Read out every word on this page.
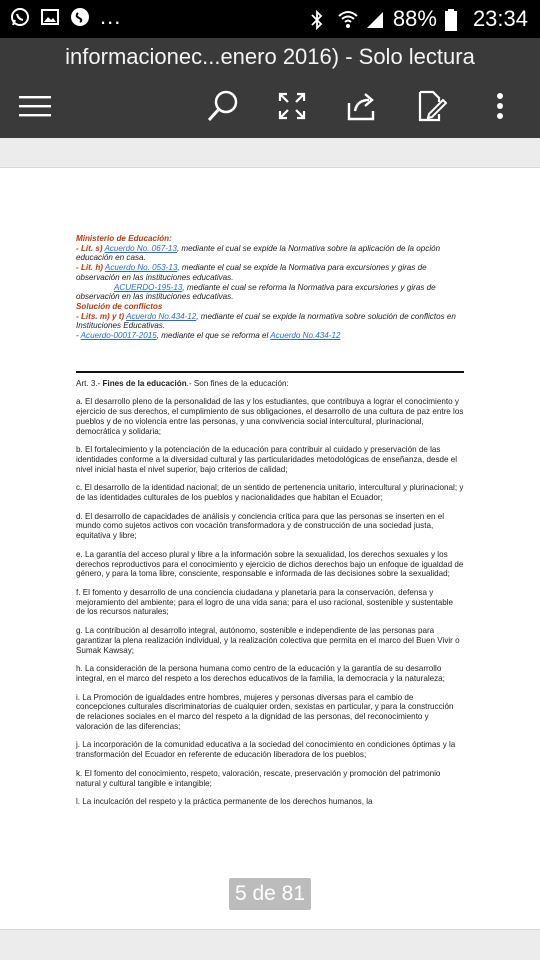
...	88% 23:34
informacionec...enero 2016) - Solo lectura
Ministerio de Educación:
- Lit. s) Acuerdo No. 067-13, mediante el cual se expide la Normativa sobre la aplicación de la opción educación en casa.
- Lit. h) Acuerdo No. 053-13, mediante el cual se expide la Normativa para excursiones y giras de observación en las instituciones educativas.
ACUERDO-195-13, mediante el cual se reforma la Normativa para excursiones y giras de observación en las instituciones educativas.
Solución de conflictos
- Lits. m) y t) Acuerdo No.434-12, mediante el cual se expide la normativa sobre solución de conflictos en Instituciones Educativas.
- Acuerdo-00017-2015, mediante el que se reforma el Acuerdo No.434-12
Art. 3.- Fines de la educación.- Son fines de la educación:

a. El desarrollo pleno de la personalidad de las y los estudiantes, que contribuya a lograr el conocimiento y ejercicio de sus derechos, el cumplimiento de sus obligaciones, el desarrollo de una cultura de paz entre los pueblos y de no violencia entre las personas, y una convivencia social intercultural, plurinacional, democrática y solidaria;

b. El fortalecimiento y la potenciación de la educación para contribuir al cuidado y preservación de las identidades conforme a la diversidad cultural y las particularidades metodológicas de enseñanza, desde el nivel inicial hasta el nivel superior, bajo criterios de calidad;

c. El desarrollo de la identidad nacional; de un sentido de pertenencia unitario, intercultural y plurinacional; y de las identidades culturales de los pueblos y nacionalidades que habitan el Ecuador;

d. El desarrollo de capacidades de análisis y conciencia crítica para que las personas se inserten en el mundo como sujetos activos con vocación transformadora y de construcción de una sociedad justa, equitativa y libre;

e. La garantía del acceso plural y libre a la información sobre la sexualidad, los derechos sexuales y los derechos reproductivos para el conocimiento y ejercicio de dichos derechos bajo un enfoque de igualdad de género, y para la toma libre, consciente, responsable e informada de las decisiones sobre la sexualidad;

f. El fomento y desarrollo de una conciencia ciudadana y planetaria para la conservación, defensa y mejoramiento del ambiente; para el logro de una vida sana; para el uso racional, sostenible y sustentable de los recursos naturales;

g. La contribución al desarrollo integral, autónomo, sostenible e independiente de las personas para garantizar la plena realización individual, y la realización colectiva que permita en el marco del Buen Vivir o Sumak Kawsay;

h. La consideración de la persona humana como centro de la educación y la garantía de su desarrollo integral, en el marco del respeto a los derechos educativos de la familia, la democracia y la naturaleza;

i. La Promoción de igualdades entre hombres, mujeres y personas diversas para el cambio de concepciones culturales discriminatorias de cualquier orden, sexistas en particular, y para la construcción de relaciones sociales en el marco del respeto a la dignidad de las personas, del reconocimiento y valoración de las diferencias;

j. La incorporación de la comunidad educativa a la sociedad del conocimiento en condiciones óptimas y la transformación del Ecuador en referente de educación liberadora de los pueblos;

k. El fomento del conocimiento, respeto, valoración, rescate, preservación y promoción del patrimonio natural y cultural tangible e intangible;

l. La inculcación del respeto y la práctica permanente de los derechos humanos, la

5 de 81
